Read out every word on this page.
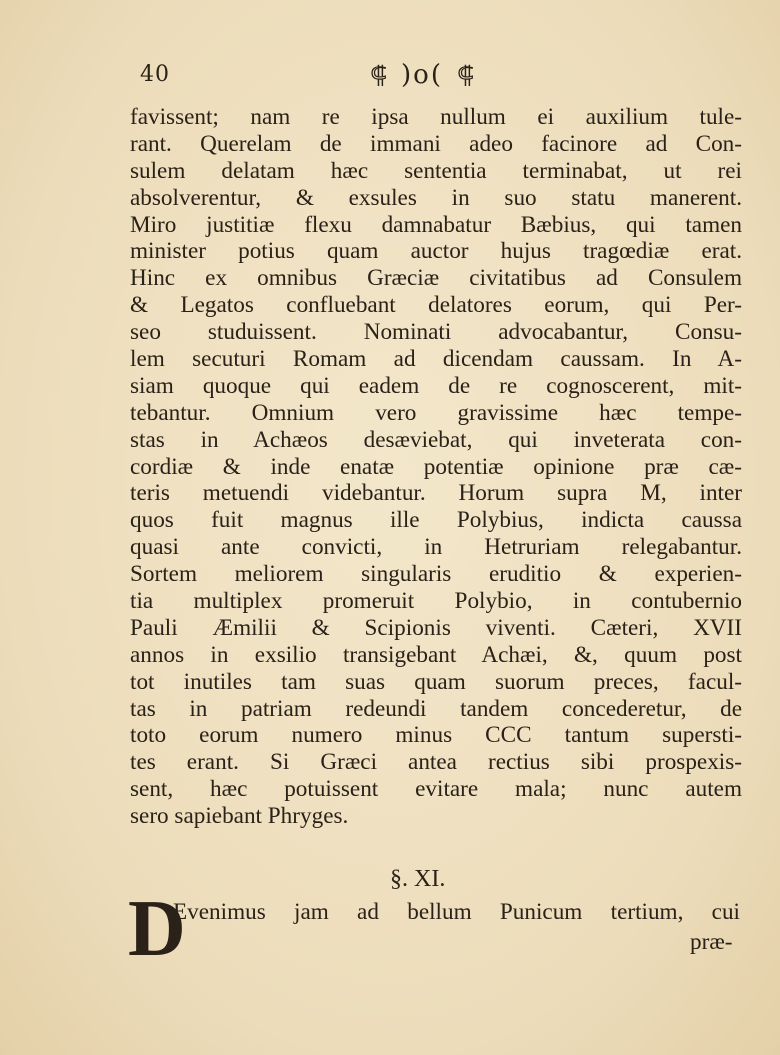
40	⸿ )o( ⸿
favissent; nam re ipsa nullum ei auxilium tule-
rant. Querelam de immani adeo facinore ad Con-
sulem delatam hæc sententia terminabat, ut rei
absolverentur, & exsules in suo statu manerent.
Miro justitiæ flexu damnabatur Bæbius, qui tamen
minister potius quam auctor hujus tragœdiæ erat.
Hinc ex omnibus Græciæ civitatibus ad Consulem
& Legatos confluebant delatores eorum, qui Per-
seo studuissent. Nominati advocabantur, Consu-
lem secuturi Romam ad dicendam caussam. In A-
siam quoque qui eadem de re cognoscerent, mit-
tebantur. Omnium vero gravissime hæc tempe-
stas in Achæos desæviebat, qui inveterata con-
cordiæ & inde enatæ potentiæ opinione præ cæ-
teris metuendi videbantur. Horum supra M, inter
quos fuit magnus ille Polybius, indicta caussa
quasi ante convicti, in Hetruriam relegabantur.
Sortem meliorem singularis eruditio & experien-
tia multiplex promeruit Polybio, in contubernio
Pauli Æmilii & Scipionis viventi. Cæteri, XVII
annos in exsilio transigebant Achæi, &, quum post
tot inutiles tam suas quam suorum preces, facul-
tas in patriam redeundi tandem concederetur, de
toto eorum numero minus CCC tantum supersti-
tes erant. Si Græci antea rectius sibi prospexis-
sent, hæc potuissent evitare mala; nunc autem
sero sapiebant Phryges.
§. XI.
D
Evenimus jam ad bellum Punicum tertium, cui
præ-
